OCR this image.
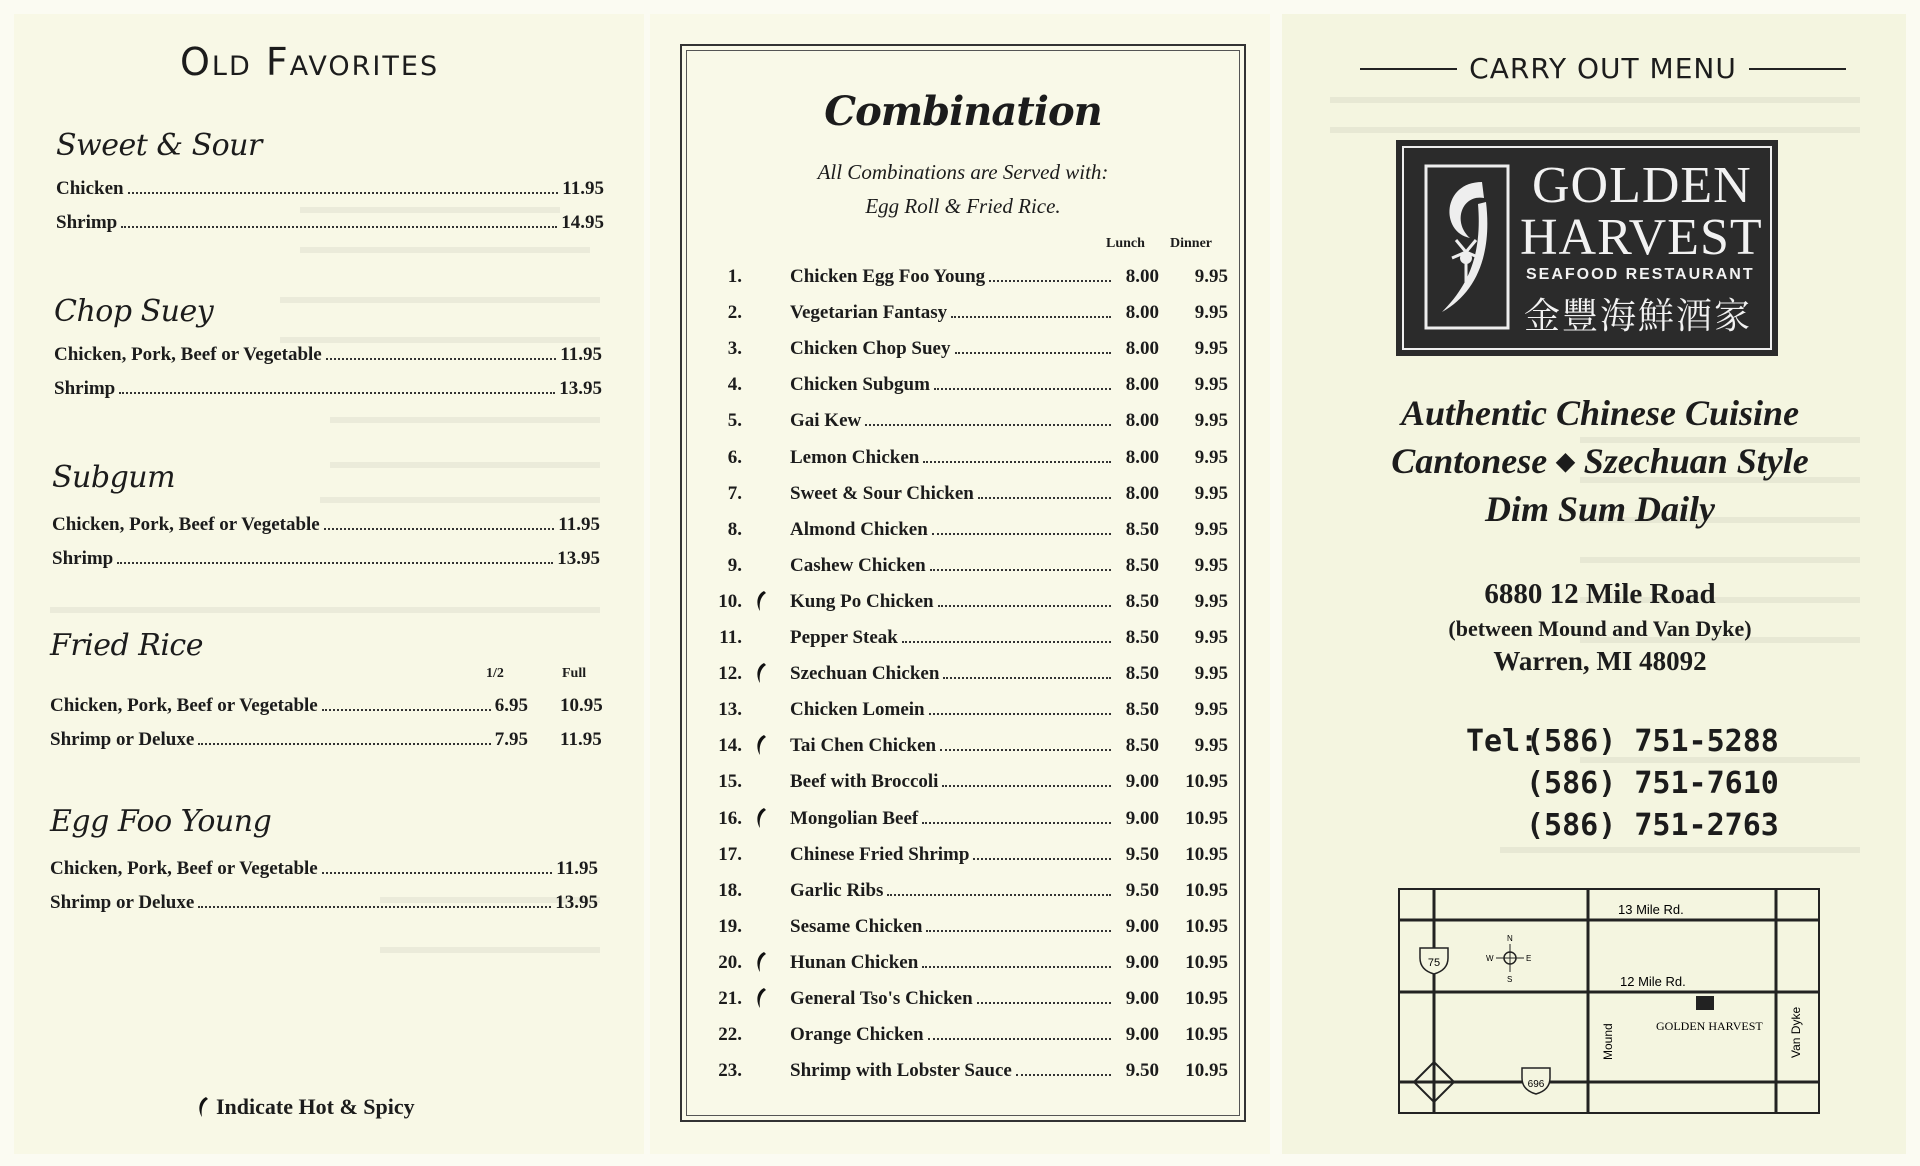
Old Favorites
Sweet & Sour
Chicken	11.95
Shrimp	14.95
Chop Suey
Chicken, Pork, Beef or Vegetable	11.95
Shrimp	13.95
Subgum
Chicken, Pork, Beef or Vegetable	11.95
Shrimp	13.95
Fried Rice
1/2	Full
Chicken, Pork, Beef or Vegetable	6.95 10.95
Shrimp or Deluxe	7.95 11.95
Egg Foo Young
Chicken, Pork, Beef or Vegetable	11.95
Shrimp or Deluxe	13.95
Indicate Hot & Spicy
Combination
All Combinations are Served with:
Egg Roll & Fried Rice.
Lunch Dinner
1.	Chicken Egg Foo Young	8.00	9.95
2.	Vegetarian Fantasy	8.00	9.95
3.	Chicken Chop Suey	8.00	9.95
4.	Chicken Subgum	8.00	9.95
5.	Gai Kew	8.00	9.95
6.	Lemon Chicken	8.00	9.95
7.	Sweet & Sour Chicken	8.00	9.95
8.	Almond Chicken	8.50	9.95
9.	Cashew Chicken	8.50	9.95
10.	Kung Po Chicken	8.50	9.95
11.	Pepper Steak	8.50	9.95
12.	Szechuan Chicken	8.50	9.95
13.	Chicken Lomein	8.50	9.95
14.	Tai Chen Chicken	8.50	9.95
15.	Beef with Broccoli	9.00	10.95
16.	Mongolian Beef	9.00	10.95
17.	Chinese Fried Shrimp	9.50	10.95
18.	Garlic Ribs	9.50	10.95
19.	Sesame Chicken	9.00	10.95
20.	Hunan Chicken	9.00	10.95
21.	General Tso's Chicken	9.00	10.95
22.	Orange Chicken	9.00	10.95
23.	Shrimp with Lobster Sauce	9.50	10.95
CARRY OUT MENU
GOLDEN
HARVEST
SEAFOOD RESTAURANT
金豐海鮮酒家
Authentic Chinese Cuisine
Cantonese ◆ Szechuan Style
Dim Sum Daily
6880 12 Mile Road
(between Mound and Van Dyke)
Warren, MI 48092
Tel:
(586) 751-5288
(586) 751-7610
(586) 751-2763
N
S
E
W
75
696
13 Mile Rd.
12 Mile Rd.
GOLDEN HARVEST
Mound	Van Dyke
